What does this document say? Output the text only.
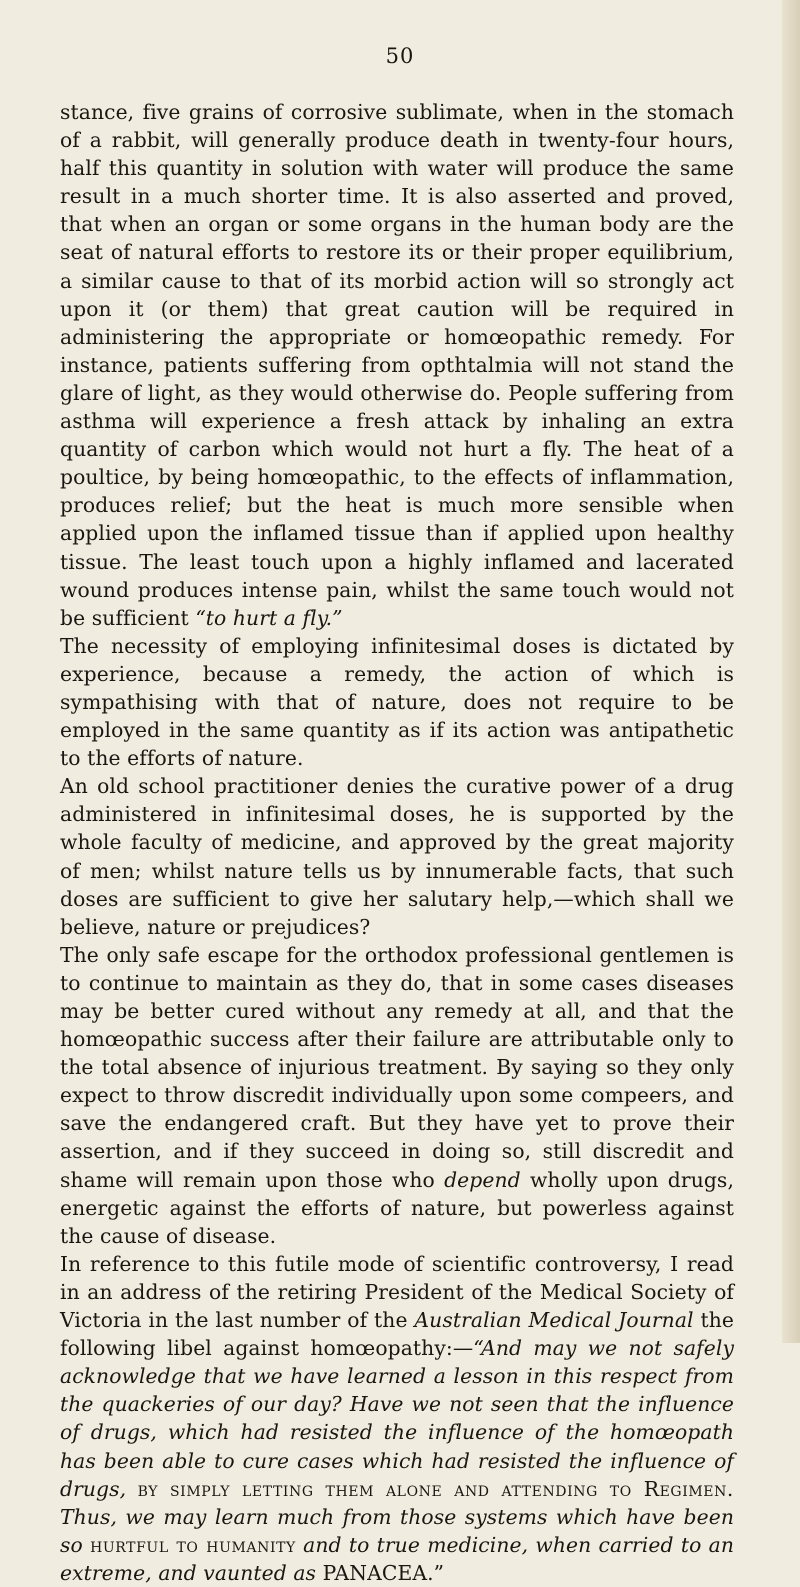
50

stance, five grains of corrosive sublimate, when in the stomach of a rabbit, will generally produce death in twenty-four hours, half this quantity in solution with water will produce the same result in a much shorter time. It is also asserted and proved, that when an organ or some organs in the human body are the seat of natural efforts to restore its or their proper equilibrium, a similar cause to that of its morbid action will so strongly act upon it (or them) that great caution will be required in administering the appropriate or homœopathic remedy. For instance, patients suffering from opthtalmia will not stand the glare of light, as they would otherwise do. People suffering from asthma will experience a fresh attack by inhaling an extra quantity of carbon which would not hurt a fly. The heat of a poultice, by being homœopathic, to the effects of inflammation, produces relief; but the heat is much more sensible when applied upon the inflamed tissue than if applied upon healthy tissue. The least touch upon a highly inflamed and lacerated wound produces intense pain, whilst the same touch would not be sufficient “to hurt a fly.”

The necessity of employing infinitesimal doses is dictated by experience, because a remedy, the action of which is sympathising with that of nature, does not require to be employed in the same quantity as if its action was antipathetic to the efforts of nature.

An old school practitioner denies the curative power of a drug administered in infinitesimal doses, he is supported by the whole faculty of medicine, and approved by the great majority of men; whilst nature tells us by innumerable facts, that such doses are sufficient to give her salutary help,—which shall we believe, nature or prejudices?

The only safe escape for the orthodox professional gentlemen is to continue to maintain as they do, that in some cases diseases may be better cured without any remedy at all, and that the homœopathic success after their failure are attributable only to the total absence of injurious treatment. By saying so they only expect to throw discredit individually upon some compeers, and save the endangered craft. But they have yet to prove their assertion, and if they succeed in doing so, still discredit and shame will remain upon those who depend wholly upon drugs, energetic against the efforts of nature, but powerless against the cause of disease.

In reference to this futile mode of scientific controversy, I read in an address of the retiring President of the Medical Society of Victoria in the last number of the Australian Medical Journal the following libel against homœopathy:—“And may we not safely acknowledge that we have learned a lesson in this respect from the quackeries of our day? Have we not seen that the influence of drugs, which had resisted the influence of the homœopath has been able to cure cases which had resisted the influence of drugs, by simply letting them alone and attending to Regimen. Thus, we may learn much from those systems which have been so hurtful to humanity and to true medicine, when carried to an extreme, and vaunted as PANACEA.”
